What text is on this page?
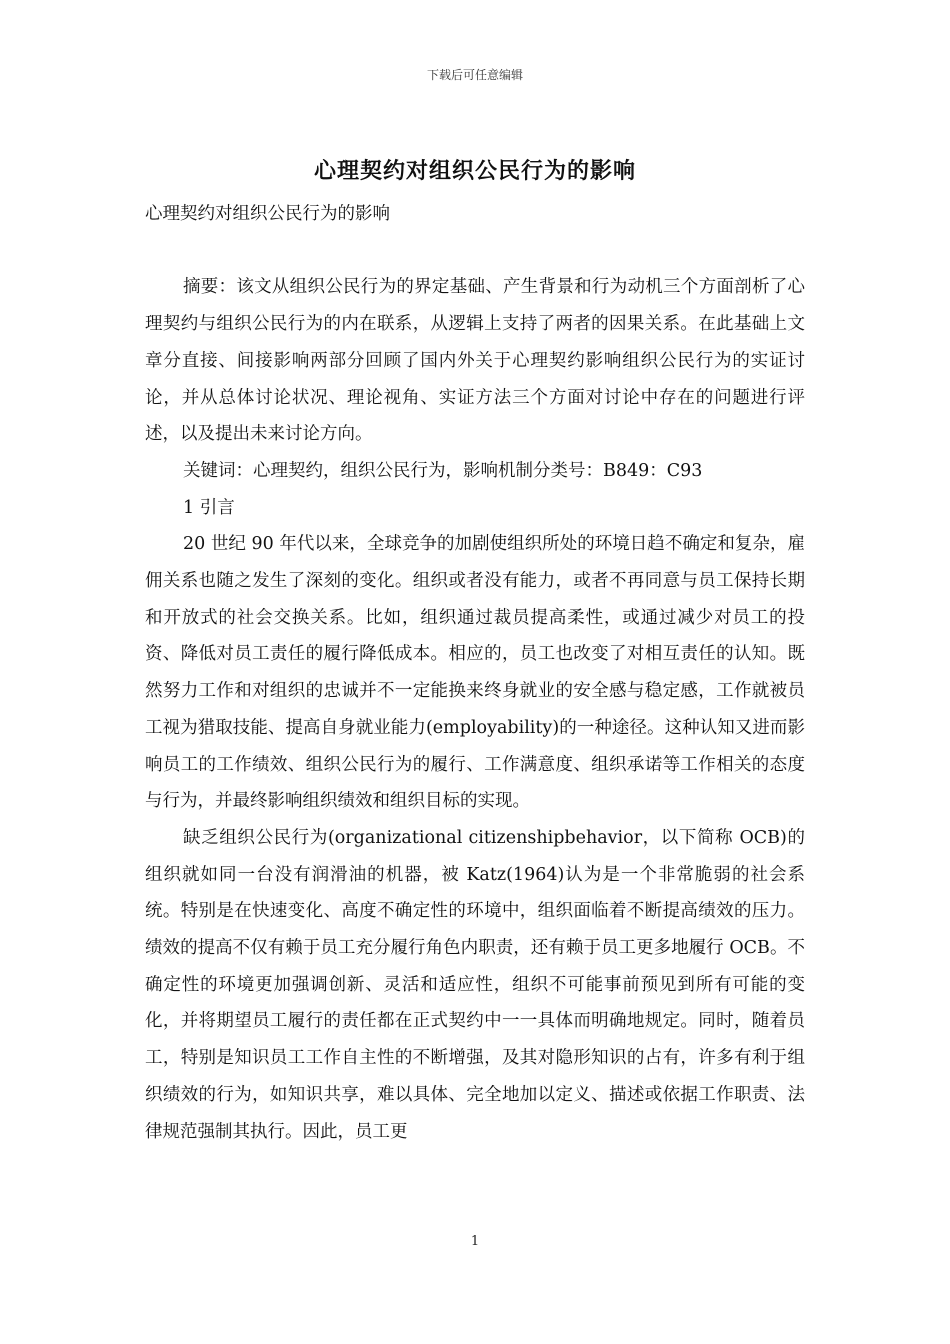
下载后可任意编辑
心理契约对组织公民行为的影响

心理契约对组织公民行为的影响

摘要：该文从组织公民行为的界定基础、产生背景和行为动机三个方面剖析了心理契约与组织公民行为的内在联系，从逻辑上支持了两者的因果关系。在此基础上文章分直接、间接影响两部分回顾了国内外关于心理契约影响组织公民行为的实证讨论，并从总体讨论状况、理论视角、实证方法三个方面对讨论中存在的问题进行评述，以及提出未来讨论方向。

关键词：心理契约，组织公民行为，影响机制分类号：B849：C93

1 引言

20 世纪 90 年代以来，全球竞争的加剧使组织所处的环境日趋不确定和复杂，雇佣关系也随之发生了深刻的变化。组织或者没有能力，或者不再同意与员工保持长期和开放式的社会交换关系。比如，组织通过裁员提高柔性，或通过减少对员工的投资、降低对员工责任的履行降低成本。相应的，员工也改变了对相互责任的认知。既然努力工作和对组织的忠诚并不一定能换来终身就业的安全感与稳定感，工作就被员工视为猎取技能、提高自身就业能力(employability)的一种途径。这种认知又进而影响员工的工作绩效、组织公民行为的履行、工作满意度、组织承诺等工作相关的态度与行为，并最终影响组织绩效和组织目标的实现。

缺乏组织公民行为(organizational citizenshipbehavior，以下简称 OCB)的组织就如同一台没有润滑油的机器，被 Katz(1964)认为是一个非常脆弱的社会系统。特别是在快速变化、高度不确定性的环境中，组织面临着不断提高绩效的压力。绩效的提高不仅有赖于员工充分履行角色内职责，还有赖于员工更多地履行 OCB。不确定性的环境更加强调创新、灵活和适应性，组织不可能事前预见到所有可能的变化，并将期望员工履行的责任都在正式契约中一一具体而明确地规定。同时，随着员工，特别是知识员工工作自主性的不断增强，及其对隐形知识的占有，许多有利于组织绩效的行为，如知识共享，难以具体、完全地加以定义、描述或依据工作职责、法律规范强制其执行。因此，员工更

1
